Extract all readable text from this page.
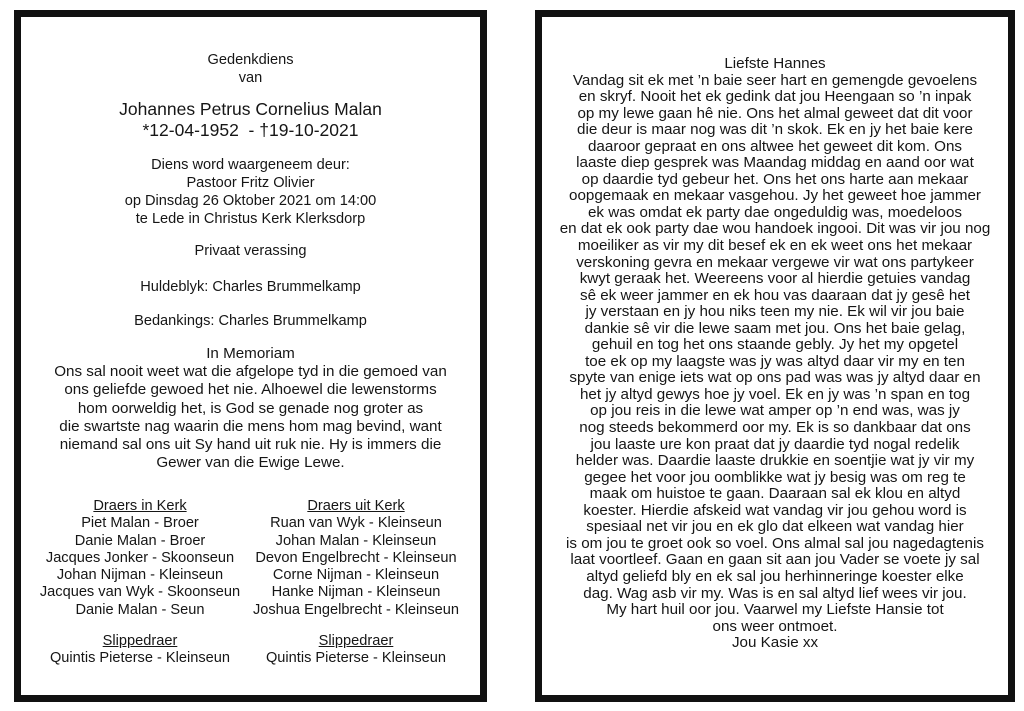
Gedenkdiens
van
Johannes Petrus Cornelius Malan
*12-04-1952  - †19-10-2021
Diens word waargeneem deur:
Pastoor Fritz Olivier
op Dinsdag 26 Oktober 2021 om 14:00
te Lede in Christus Kerk Klerksdorp
Privaat verassing
Huldeblyk: Charles Brummelkamp
Bedankings: Charles Brummelkamp
In Memoriam
Ons sal nooit weet wat die afgelope tyd in die gemoed van
ons geliefde gewoed het nie. Alhoewel die lewenstorms
hom oorweldig het, is God se genade nog groter as
die swartste nag waarin die mens hom mag bevind, want
niemand sal ons uit Sy hand uit ruk nie. Hy is immers die
Gewer van die Ewige Lewe.
Draers in Kerk
Piet Malan - Broer
Danie Malan - Broer
Jacques Jonker - Skoonseun
Johan Nijman - Kleinseun
Jacques van Wyk - Skoonseun
Danie Malan - Seun
Draers uit Kerk
Ruan van Wyk - Kleinseun
Johan Malan - Kleinseun
Devon Engelbrecht - Kleinseun
Corne Nijman - Kleinseun
Hanke Nijman - Kleinseun
Joshua Engelbrecht - Kleinseun
Slippedraer
Quintis Pieterse - Kleinseun
Slippedraer
Quintis Pieterse - Kleinseun
Liefste Hannes
Vandag sit ek met ’n baie seer hart en gemengde gevoelens
en skryf. Nooit het ek gedink dat jou Heengaan so ’n inpak
op my lewe gaan hê nie. Ons het almal geweet dat dit voor
die deur is maar nog was dit ’n skok. Ek en jy het baie kere
daaroor gepraat en ons altwee het geweet dit kom. Ons
laaste diep gesprek was Maandag middag en aand oor wat
op daardie tyd gebeur het. Ons het ons harte aan mekaar
oopgemaak en mekaar vasgehou. Jy het geweet hoe jammer
ek was omdat ek party dae ongeduldig was, moedeloos
en dat ek ook party dae wou handoek ingooi. Dit was vir jou nog
moeiliker as vir my dit besef ek en ek weet ons het mekaar
verskoning gevra en mekaar vergewe vir wat ons partykeer
kwyt geraak het. Weereens voor al hierdie getuies vandag
sê ek weer jammer en ek hou vas daaraan dat jy gesê het
jy verstaan en jy hou niks teen my nie. Ek wil vir jou baie
dankie sê vir die lewe saam met jou. Ons het baie gelag,
gehuil en tog het ons staande gebly. Jy het my opgetel
toe ek op my laagste was jy was altyd daar vir my en ten
spyte van enige iets wat op ons pad was was jy altyd daar en
het jy altyd gewys hoe jy voel. Ek en jy was ’n span en tog
op jou reis in die lewe wat amper op ’n end was, was jy
nog steeds bekommerd oor my. Ek is so dankbaar dat ons
jou laaste ure kon praat dat jy daardie tyd nogal redelik
helder was. Daardie laaste drukkie en soentjie wat jy vir my
gegee het voor jou oomblikke wat jy besig was om reg te
maak om huistoe te gaan. Daaraan sal ek klou en altyd
koester. Hierdie afskeid wat vandag vir jou gehou word is
spesiaal net vir jou en ek glo dat elkeen wat vandag hier
is om jou te groet ook so voel. Ons almal sal jou nagedagtenis
laat voortleef. Gaan en gaan sit aan jou Vader se voete jy sal
altyd geliefd bly en ek sal jou herhinneringe koester elke
dag. Wag asb vir my. Was is en sal altyd lief wees vir jou.
My hart huil oor jou. Vaarwel my Liefste Hansie tot
ons weer ontmoet.
Jou Kasie xx
